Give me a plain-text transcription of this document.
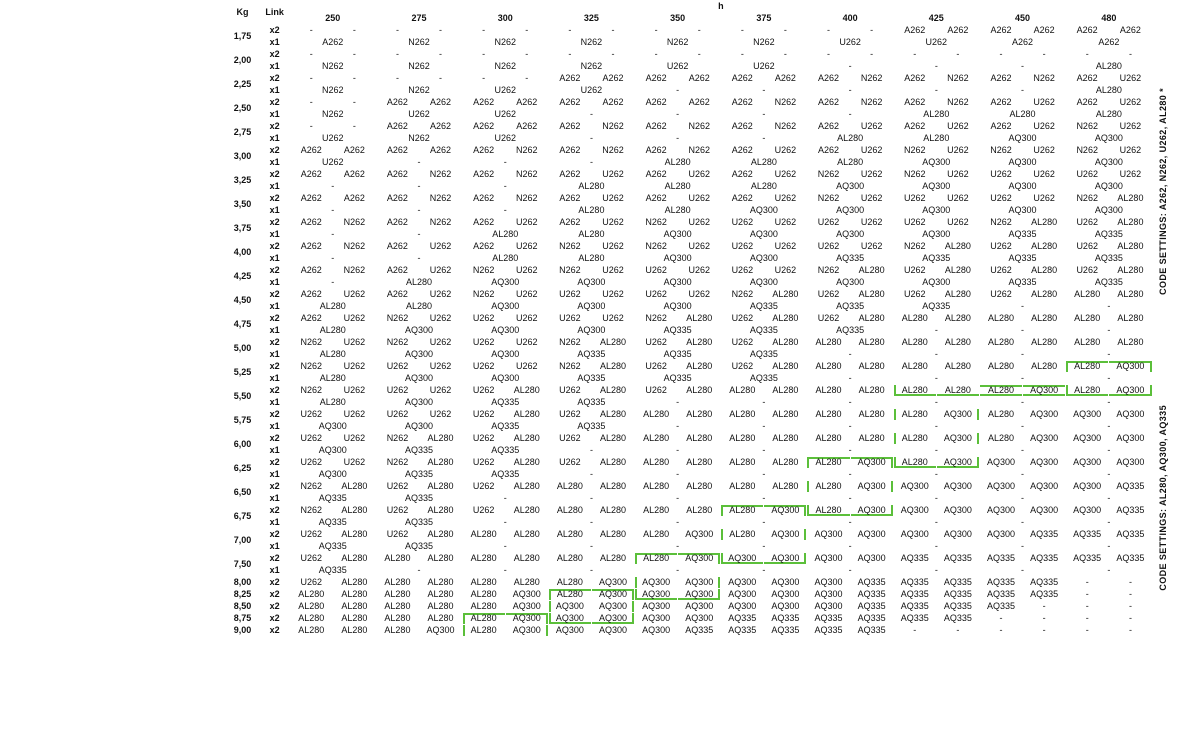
Kg	Link	h																				
		250		275		300		325		350		375		400		425		450		480		
1,75	x2	-	-	-	-	-	-	-	-	-	-	-	-	-	-	A262	A262	A262	A262	A262	A262	CODE SETTINGS: A262, N262, U262, AL280 *
	x1	A262		N262		N262		N262		N262		N262		U262		U262		A262		A262		
2,00	x2	-	-	-	-	-	-	-	-	-	-	-	-	-	-	-	-	-	-	-	-	
	x1	N262		N262		N262		N262		U262		U262		-		-		-		AL280		
2,25	x2	-	-	-	-	-	-	A262	A262	A262	A262	A262	A262	A262	N262	A262	N262	A262	N262	A262	U262	
	x1	N262		N262		U262		U262		-		-		-		-		-		AL280		
2,50	x2	-	-	A262	A262	A262	A262	A262	A262	A262	A262	A262	N262	A262	N262	A262	N262	A262	U262	A262	U262	
	x1	N262		U262		U262		-		-		-		-		AL280		AL280		AL280		
2,75	x2	-	-	A262	A262	A262	A262	A262	N262	A262	N262	A262	N262	A262	U262	A262	U262	A262	U262	N262	U262	
	x1	U262		N262		U262		-		-		-		AL280		AL280		AQ300		AQ300		
3,00	x2	A262	A262	A262	A262	A262	N262	A262	N262	A262	N262	A262	U262	A262	U262	N262	U262	N262	U262	N262	U262	
	x1	U262		-		-		-		AL280		AL280		AL280		AQ300		AQ300		AQ300		
3,25	x2	A262	A262	A262	N262	A262	N262	A262	U262	A262	U262	A262	U262	N262	U262	N262	U262	U262	U262	U262	U262	
	x1	-		-		-		AL280		AL280		AL280		AQ300		AQ300		AQ300		AQ300		
3,50	x2	A262	A262	A262	N262	A262	N262	A262	U262	A262	U262	A262	U262	N262	U262	U262	U262	U262	U262	N262	AL280	
	x1	-		-		-		AL280		AL280		AQ300		AQ300		AQ300		AQ300		AQ300		
3,75	x2	A262	N262	A262	N262	A262	U262	A262	U262	N262	U262	U262	U262	U262	U262	U262	U262	N262	AL280	U262	AL280	
	x1	-		-		AL280		AL280		AQ300		AQ300		AQ300		AQ300		AQ335		AQ335		
4,00	x2	A262	N262	A262	U262	A262	U262	N262	U262	N262	U262	U262	U262	U262	U262	N262	AL280	U262	AL280	U262	AL280	
	x1	-		-		AL280		AL280		AQ300		AQ300		AQ335		AQ335		AQ335		AQ335		
4,25	x2	A262	N262	A262	U262	N262	U262	N262	U262	U262	U262	U262	U262	N262	AL280	U262	AL280	U262	AL280	U262	AL280	
	x1	-		AL280		AQ300		AQ300		AQ300		AQ300		AQ300		AQ300		AQ335		AQ335		
4,50	x2	A262	U262	A262	U262	N262	U262	U262	U262	U262	U262	N262	AL280	U262	AL280	U262	AL280	U262	AL280	AL280	AL280	
	x1	AL280		AL280		AQ300		AQ300		AQ300		AQ335		AQ335		AQ335		-		-		
4,75	x2	A262	U262	N262	U262	U262	U262	U262	U262	N262	AL280	U262	AL280	U262	AL280	AL280	AL280	AL280	AL280	AL280	AL280	
	x1	AL280		AQ300		AQ300		AQ300		AQ335		AQ335		AQ335		-		-		-		
5,00	x2	N262	U262	N262	U262	U262	U262	N262	AL280	U262	AL280	U262	AL280	AL280	AL280	AL280	AL280	AL280	AL280	AL280	AL280	
	x1	AL280		AQ300		AQ300		AQ335		AQ335		AQ335		-		-		-		-		
5,25	x2	N262	U262	U262	U262	U262	U262	N262	AL280	U262	AL280	U262	AL280	AL280	AL280	AL280	AL280	AL280	AL280	AL280	AQ300	CODE SETTINGS: AL280, AQ300, AQ335
	x1	AL280		AQ300		AQ300		AQ335		AQ335		AQ335		-		-		-		-		
5,50	x2	N262	U262	U262	U262	U262	AL280	U262	AL280	U262	AL280	AL280	AL280	AL280	AL280	AL280	AL280	AL280	AQ300	AL280	AQ300	
	x1	AL280		AQ300		AQ335		AQ335		-		-		-		-		-		-		
5,75	x2	U262	U262	U262	U262	U262	AL280	U262	AL280	AL280	AL280	AL280	AL280	AL280	AL280	AL280	AQ300	AL280	AQ300	AQ300	AQ300	
	x1	AQ300		AQ300		AQ335		AQ335		-		-		-		-		-		-		
6,00	x2	U262	U262	N262	AL280	U262	AL280	U262	AL280	AL280	AL280	AL280	AL280	AL280	AL280	AL280	AQ300	AL280	AQ300	AQ300	AQ300	
	x1	AQ300		AQ335		AQ335		-		-		-		-		-		-		-		
6,25	x2	U262	U262	N262	AL280	U262	AL280	U262	AL280	AL280	AL280	AL280	AL280	AL280	AQ300	AL280	AQ300	AQ300	AQ300	AQ300	AQ300	
	x1	AQ300		AQ335		AQ335		-		-		-		-		-		-		-		
6,50	x2	N262	AL280	U262	AL280	U262	AL280	AL280	AL280	AL280	AL280	AL280	AL280	AL280	AQ300	AQ300	AQ300	AQ300	AQ300	AQ300	AQ335	
	x1	AQ335		AQ335		-		-		-		-		-		-		-		-		
6,75	x2	N262	AL280	U262	AL280	U262	AL280	AL280	AL280	AL280	AL280	AL280	AQ300	AL280	AQ300	AQ300	AQ300	AQ300	AQ300	AQ300	AQ335	
	x1	AQ335		AQ335		-		-		-		-		-		-		-		-		
7,00	x2	U262	AL280	U262	AL280	AL280	AL280	AL280	AL280	AL280	AQ300	AL280	AQ300	AQ300	AQ300	AQ300	AQ300	AQ300	AQ335	AQ335	AQ335	
	x1	AQ335		AQ335		-		-		-		-		-		-		-		-		
7,50	x2	U262	AL280	AL280	AL280	AL280	AL280	AL280	AL280	AL280	AQ300	AQ300	AQ300	AQ300	AQ300	AQ335	AQ335	AQ335	AQ335	AQ335	AQ335	
	x1	AQ335		-		-		-		-		-		-		-		-		-		
8,00	x2	U262	AL280	AL280	AL280	AL280	AL280	AL280	AQ300	AQ300	AQ300	AQ300	AQ300	AQ300	AQ335	AQ335	AQ335	AQ335	AQ335	-	-	
8,25	x2	AL280	AL280	AL280	AL280	AL280	AQ300	AL280	AQ300	AQ300	AQ300	AQ300	AQ300	AQ300	AQ335	AQ335	AQ335	AQ335	AQ335	-	-	
8,50	x2	AL280	AL280	AL280	AL280	AL280	AQ300	AQ300	AQ300	AQ300	AQ300	AQ300	AQ300	AQ300	AQ335	AQ335	AQ335	AQ335	-	-	-	
8,75	x2	AL280	AL280	AL280	AL280	AL280	AQ300	AQ300	AQ300	AQ300	AQ300	AQ335	AQ335	AQ335	AQ335	AQ335	AQ335	-	-	-	-	
9,00	x2	AL280	AL280	AL280	AQ300	AL280	AQ300	AQ300	AQ300	AQ300	AQ335	AQ335	AQ335	AQ335	AQ335	-	-	-	-	-	-	
